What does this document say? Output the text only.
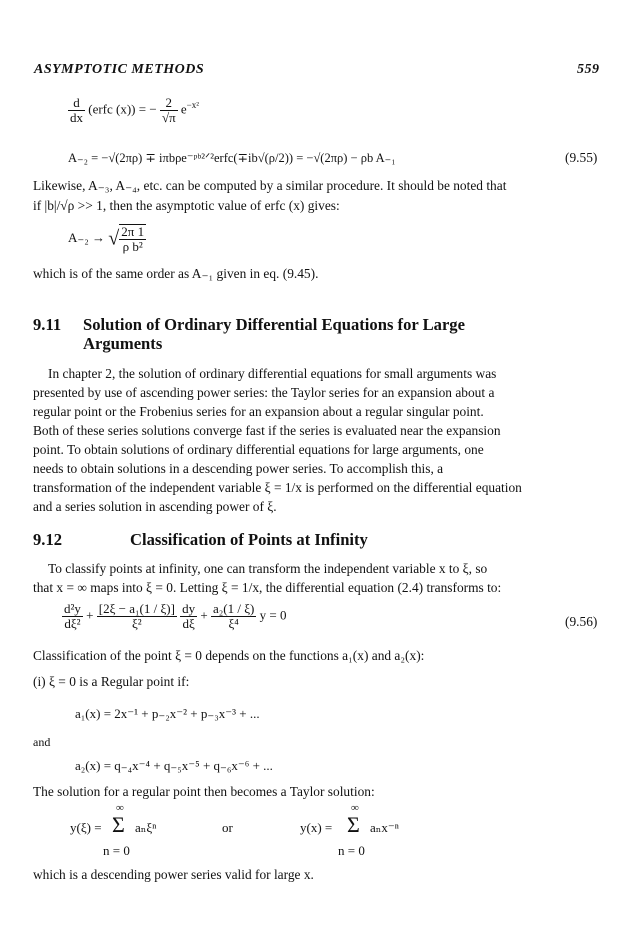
ASYMPTOTIC METHODS	559
$\frac{d}{dx}$ (erfc (x)) = − $\frac{2}{√\pi} e^{-x^2}$
A₋₂ = −√(2πρ) ∓ iπbρe⁻ᵖᵇ²ᐟ²erfc(∓ib√(ρ/2)) = −√(2πρ) − ρb A₋₁	(9.55)
Likewise, A₋₃, A₋₄, etc. can be computed by a similar procedure. It should be noted that
if |b|/√ρ >> 1, then the asymptotic value of erfc (x) gives:
A₋₂ → √ $\frac{2\pi 1}{\text{ρ b²}}$
which is of the same order as A₋₁ given in eq. (9.45).
9.11 Solution of Ordinary Differential Equations for Large
Arguments
In chapter 2, the solution of ordinary differential equations for small arguments was
presented by use of ascending power series: the Taylor series for an expansion about a
regular point or the Frobenius series for an expansion about a regular singular point.
Both of these series solutions converge fast if the series is evaluated near the expansion
point. To obtain solutions of ordinary differential equations for large arguments, one
needs to obtain solutions in a descending power series. To accomplish this, a
transformation of the independent variable ξ = 1/x is performed on the differential equation
and a series solution in ascending power of ξ.
9.12	Classification of Points at Infinity
To classify points at infinity, one can transform the independent variable x to ξ, so
that x = ∞ maps into ξ = 0. Letting ξ = 1/x, the differential equation (2.4) transforms to:
$\frac{\text{d²y}}{\text{dξ²}} + \frac{\text{[2ξ − a₁(1 / ξ)]}}{\text{ξ²}}$
$\frac{dy}{d\xi} + \frac{\text{a₂(1 / ξ)}}{\text{ξ⁴}}$ y = 0	(9.56)
Classification of the point ξ = 0 depends on the functions a₁(x) and a₂(x):
(i) ξ = 0 is a Regular point if:
a₁(x) = 2x⁻¹ + p₋₂x⁻² + p₋₃x⁻³ + ...
and
a₂(x) = q₋₄x⁻⁴ + q₋₅x⁻⁵ + q₋₆x⁻⁶ + ...
The solution for a regular point then becomes a Taylor solution:
y(ξ) =
∞
Σ aₙξⁿ
n = 0
or	y(x) =
∞
Σ aₙx⁻ⁿ
n = 0
which is a descending power series valid for large x.
